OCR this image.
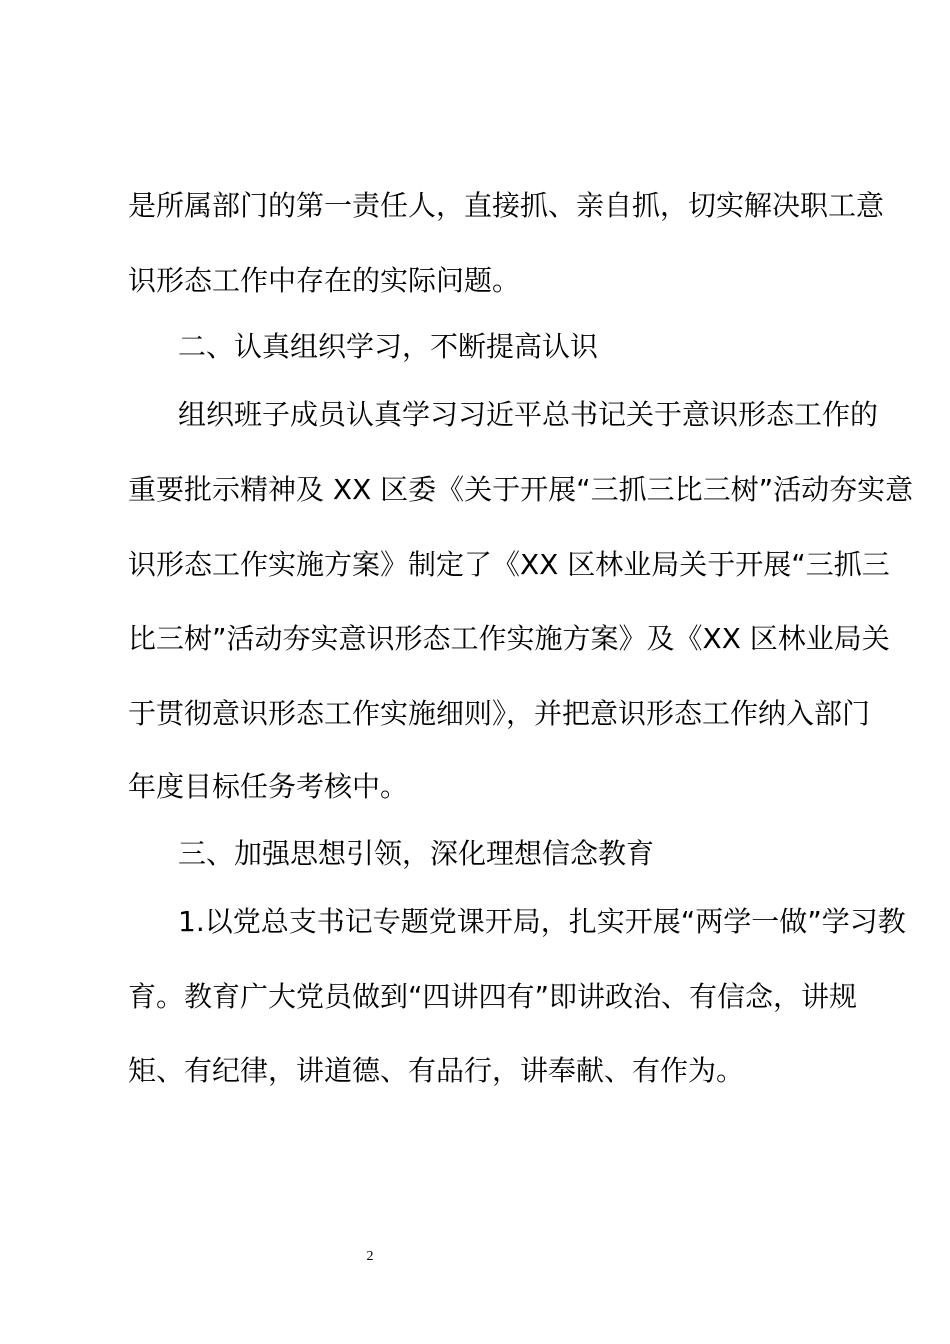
是所属部门的第一责任人，直接抓、亲自抓，切实解决职工意
识形态工作中存在的实际问题。
二、认真组织学习，不断提高认识
组织班子成员认真学习习近平总书记关于意识形态工作的
重要批示精神及 XX 区委《关于开展“三抓三比三树”活动夯实意
识形态工作实施方案》制定了《XX 区林业局关于开展“三抓三
比三树”活动夯实意识形态工作实施方案》及《XX 区林业局关
于贯彻意识形态工作实施细则》，并把意识形态工作纳入部门
年度目标任务考核中。
三、加强思想引领，深化理想信念教育
1.以党总支书记专题党课开局，扎实开展“两学一做”学习教
育。教育广大党员做到“四讲四有”即讲政治、有信念，讲规
矩、有纪律，讲道德、有品行，讲奉献、有作为。
2
